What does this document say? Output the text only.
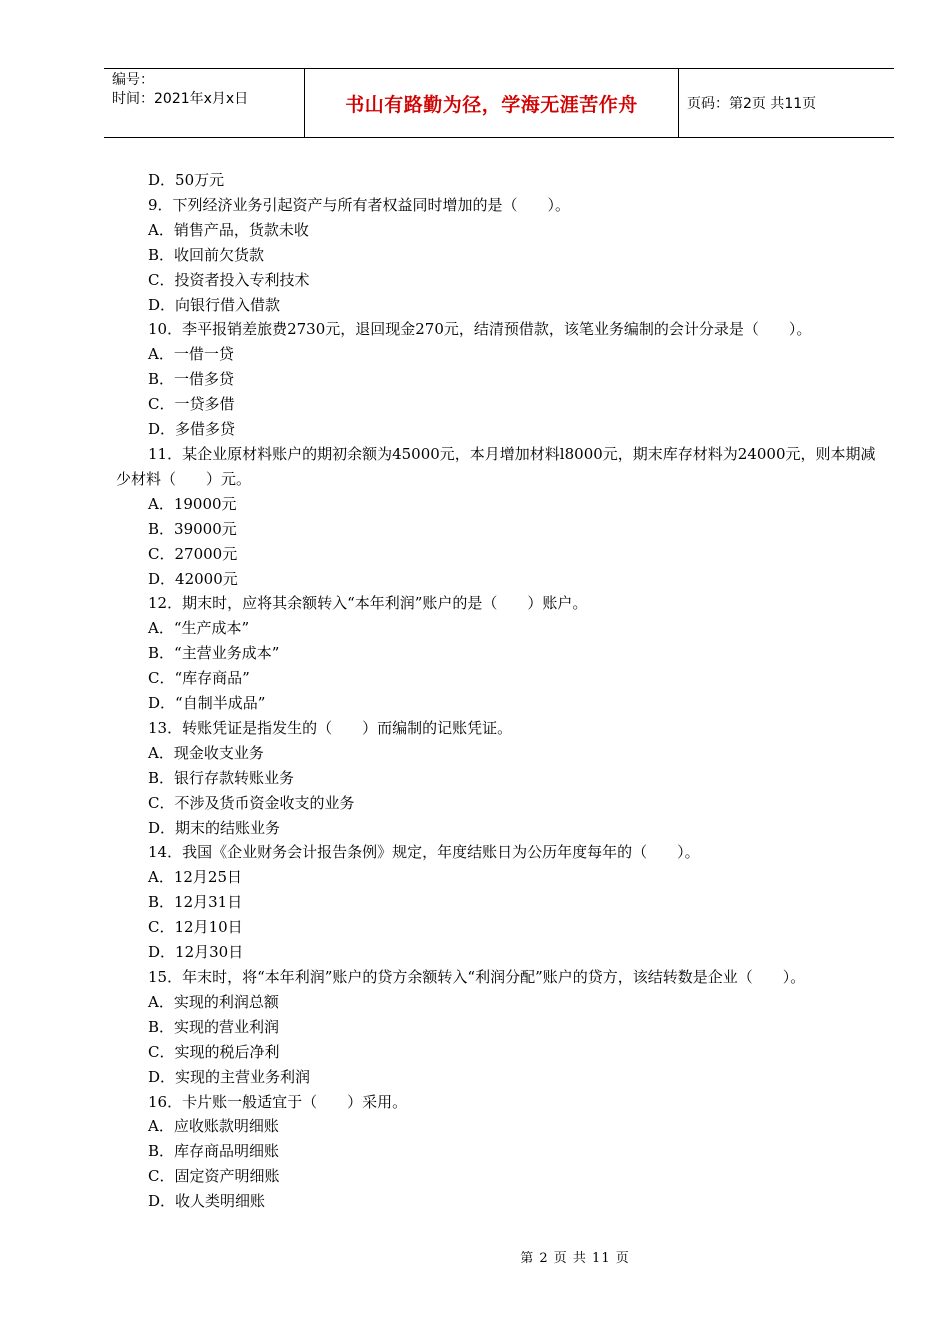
编号：
时间：2021年x月x日	书山有路勤为径，学海无涯苦作舟	页码：第2页 共11页
D．50万元
9．下列经济业务引起资产与所有者权益同时增加的是（　　）。
A．销售产品，货款未收
B．收回前欠货款
C．投资者投入专利技术
D．向银行借入借款
10．李平报销差旅费2730元，退回现金270元，结清预借款，该笔业务编制的会计分录是（　　）。
A．一借一贷
B．一借多贷
C．一贷多借
D．多借多贷
11．某企业原材料账户的期初余额为45000元，本月增加材料l8000元，期末库存材料为24000元，则本期减少材料（　　）元。
A．19000元
B．39000元
C．27000元
D．42000元
12．期末时，应将其余额转入“本年利润”账户的是（　　）账户。
A．“生产成本”
B．“主营业务成本”
C．“库存商品”
D．“自制半成品”
13．转账凭证是指发生的（　　）而编制的记账凭证。
A．现金收支业务
B．银行存款转账业务
C．不涉及货币资金收支的业务
D．期末的结账业务
14．我国《企业财务会计报告条例》规定，年度结账日为公历年度每年的（　　）。
A．12月25日
B．12月31日
C．12月10日
D．12月30日
15．年末时，将“本年利润”账户的贷方余额转入“利润分配”账户的贷方，该结转数是企业（　　）。
A．实现的利润总额
B．实现的营业利润
C．实现的税后净利
D．实现的主营业务利润
16．卡片账一般适宜于（　　）采用。
A．应收账款明细账
B．库存商品明细账
C．固定资产明细账
D．收人类明细账
第 2 页 共 11 页
